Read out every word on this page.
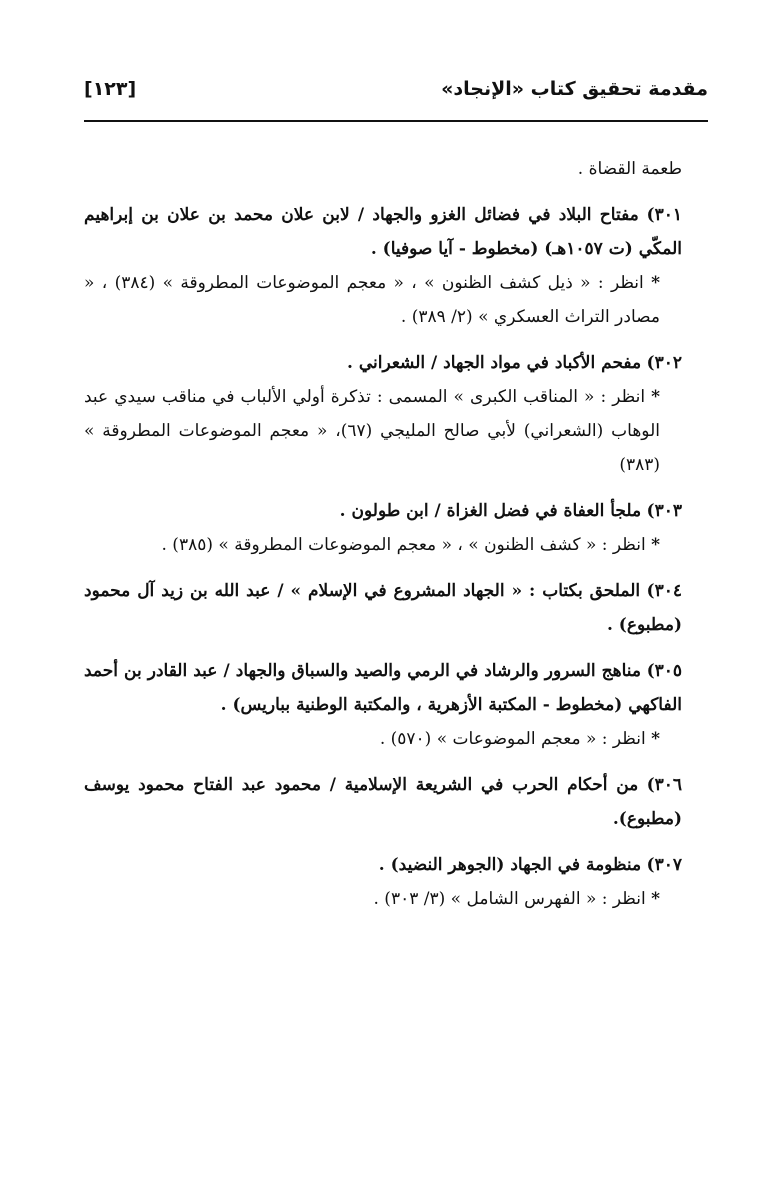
مقدمة تحقيق كتاب «الإنجاد»
[١٢٣]

طعمة القضاة .

٣٠١) مفتاح البلاد في فضائل الغزو والجهاد / لابن علان محمد بن علان بن إبراهيم المكّي (ت ١٠٥٧هـ) (مخطوط - آيا صوفيا) .

* انظر : « ذيل كشف الظنون » ، « معجم الموضوعات المطروقة » (٣٨٤) ، « مصادر التراث العسكري » (٢/ ٣٨٩) .

٣٠٢) مفحم الأكباد في مواد الجهاد / الشعراني .

* انظر : « المناقب الكبرى » المسمى : تذكرة أولي الألباب في مناقب سيدي عبد الوهاب (الشعراني) لأبي صالح المليجي (٦٧)، « معجم الموضوعات المطروقة » (٣٨٣)

٣٠٣) ملجأ العفاة في فضل الغزاة / ابن طولون .

* انظر : « كشف الظنون » ، « معجم الموضوعات المطروقة » (٣٨٥) .

٣٠٤) الملحق بكتاب : « الجهاد المشروع في الإسلام » / عبد الله بن زيد آل محمود (مطبوع) .

٣٠٥) مناهج السرور والرشاد في الرمي والصيد والسباق والجهاد / عبد القادر بن أحمد الفاكهي (مخطوط - المكتبة الأزهرية ، والمكتبة الوطنية بباريس) .

* انظر : « معجم الموضوعات » (٥٧٠) .

٣٠٦) من أحكام الحرب في الشريعة الإسلامية / محمود عبد الفتاح محمود يوسف (مطبوع).

٣٠٧) منظومة في الجهاد (الجوهر النضيد) .

* انظر : « الفهرس الشامل » (٣/ ٣٠٣) .
